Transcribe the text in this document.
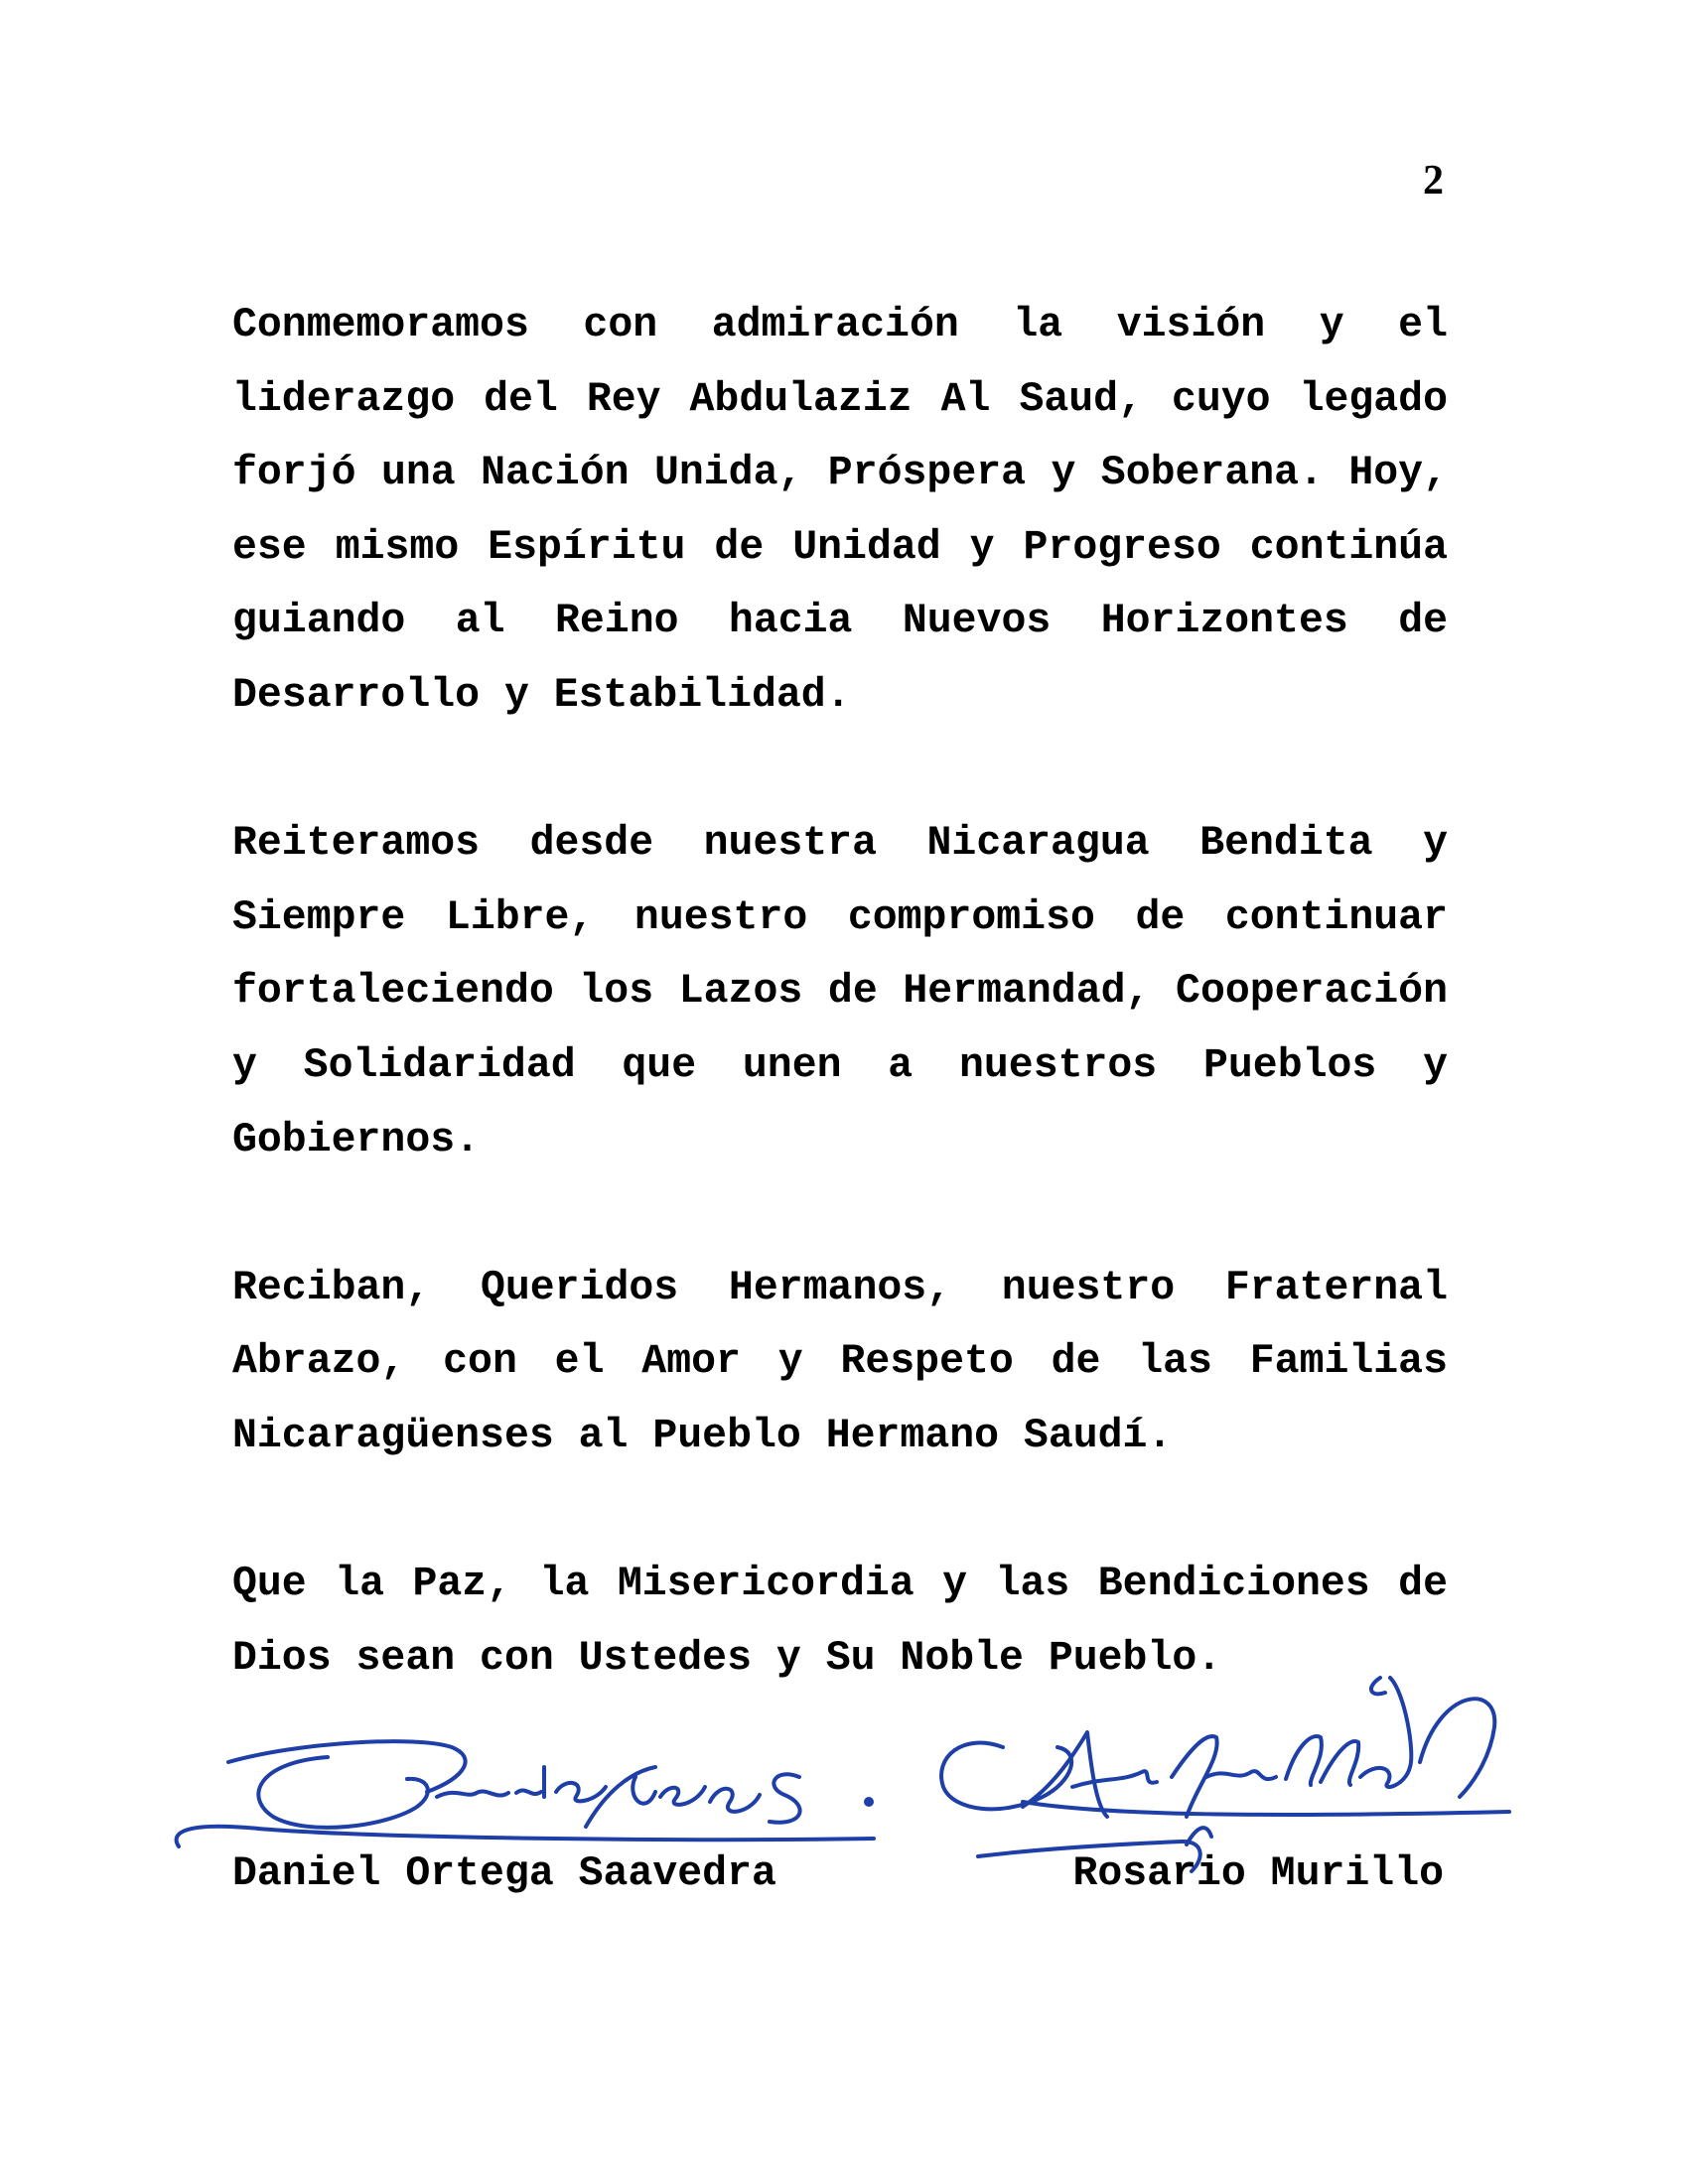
2

Conmemoramos con admiración la visión y el liderazgo del Rey Abdulaziz Al Saud, cuyo legado forjó una Nación Unida, Próspera y Soberana. Hoy, ese mismo Espíritu de Unidad y Progreso continúa guiando al Reino hacia Nuevos Horizontes de Desarrollo y Estabilidad.

Reiteramos desde nuestra Nicaragua Bendita y Siempre Libre, nuestro compromiso de continuar fortaleciendo los Lazos de Hermandad, Cooperación y Solidaridad que unen a nuestros Pueblos y Gobiernos.

Reciban, Queridos Hermanos, nuestro Fraternal Abrazo, con el Amor y Respeto de las Familias Nicaragüenses al Pueblo Hermano Saudí.

Que la Paz, la Misericordia y las Bendiciones de Dios sean con Ustedes y Su Noble Pueblo.

Daniel Ortega Saavedra	Rosario Murillo
